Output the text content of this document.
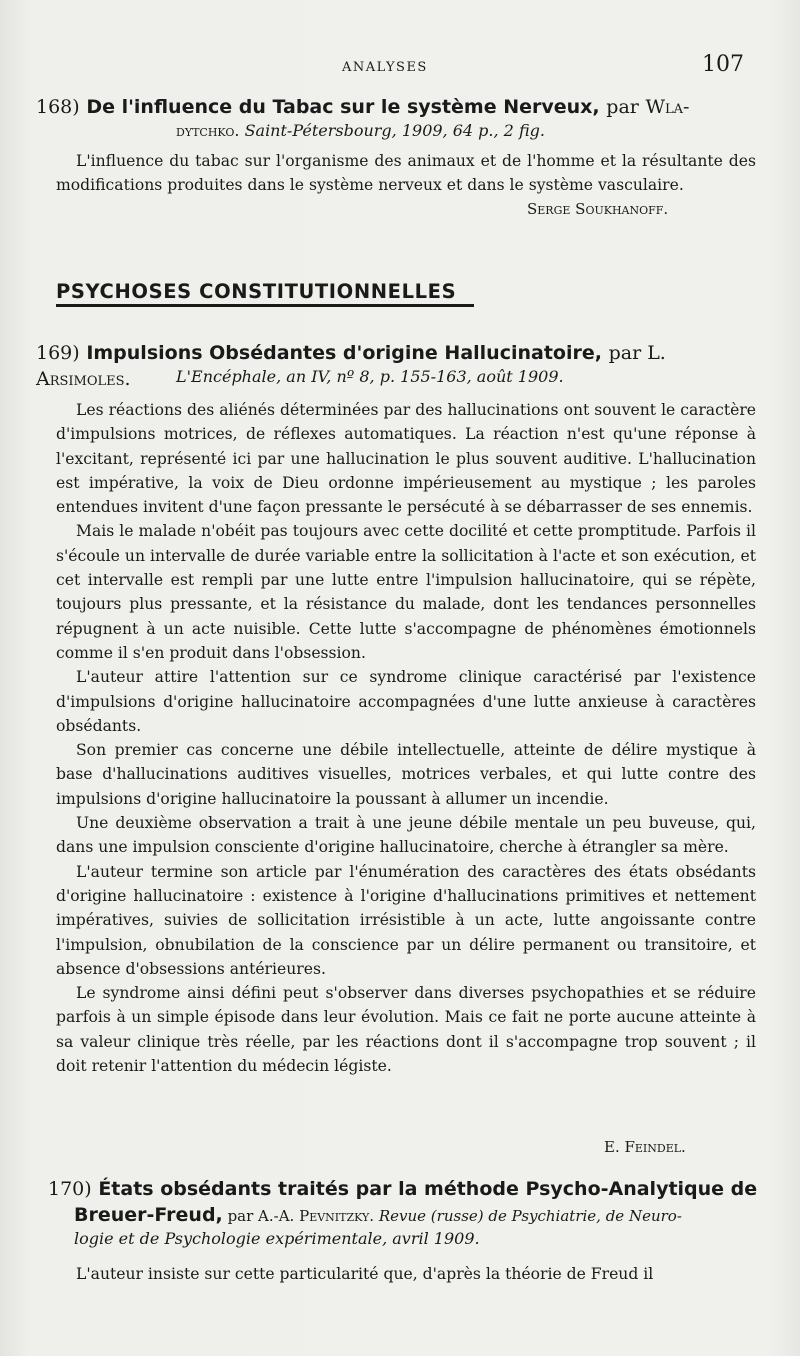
ANALYSES	107
168) De l'influence du Tabac sur le système Nerveux, par Wla-
dytchko. Saint-Pétersbourg, 1909, 64 p., 2 fig.

L'influence du tabac sur l'organisme des animaux et de l'homme et la résultante des modifications produites dans le système nerveux et dans le système vasculaire.

Serge Soukhanoff.
PSYCHOSES CONSTITUTIONNELLES
169) Impulsions Obsédantes d'origine Hallucinatoire, par L. Arsimoles.	L'Encéphale, an IV, nº 8, p. 155-163, août 1909.

Les réactions des aliénés déterminées par des hallucinations ont souvent le caractère d'impulsions motrices, de réflexes automatiques. La réaction n'est qu'une réponse à l'excitant, représenté ici par une hallucination le plus souvent auditive. L'hallucination est impérative, la voix de Dieu ordonne impérieusement au mystique ; les paroles entendues invitent d'une façon pressante le persécuté à se débarrasser de ses ennemis.

Mais le malade n'obéit pas toujours avec cette docilité et cette promptitude. Parfois il s'écoule un intervalle de durée variable entre la sollicitation à l'acte et son exécution, et cet intervalle est rempli par une lutte entre l'impulsion hallucinatoire, qui se répète, toujours plus pressante, et la résistance du malade, dont les tendances personnelles répugnent à un acte nuisible. Cette lutte s'accompagne de phénomènes émotionnels comme il s'en produit dans l'obsession.

L'auteur attire l'attention sur ce syndrome clinique caractérisé par l'existence d'impulsions d'origine hallucinatoire accompagnées d'une lutte anxieuse à caractères obsédants.

Son premier cas concerne une débile intellectuelle, atteinte de délire mystique à base d'hallucinations auditives visuelles, motrices verbales, et qui lutte contre des impulsions d'origine hallucinatoire la poussant à allumer un incendie.

Une deuxième observation a trait à une jeune débile mentale un peu buveuse, qui, dans une impulsion consciente d'origine hallucinatoire, cherche à étrangler sa mère.

L'auteur termine son article par l'énumération des caractères des états obsédants d'origine hallucinatoire : existence à l'origine d'hallucinations primitives et nettement impératives, suivies de sollicitation irrésistible à un acte, lutte angoissante contre l'impulsion, obnubilation de la conscience par un délire permanent ou transitoire, et absence d'obsessions antérieures.

Le syndrome ainsi défini peut s'observer dans diverses psychopathies et se réduire parfois à un simple épisode dans leur évolution. Mais ce fait ne porte aucune atteinte à sa valeur clinique très réelle, par les réactions dont il s'accompagne trop souvent ; il doit retenir l'attention du médecin légiste.

E. Feindel.
170) États obsédants traités par la méthode Psycho-Analytique de
Breuer-Freud, par A.-A. Pevnitzky. Revue (russe) de Psychiatrie, de Neuro-
logie et de Psychologie expérimentale, avril 1909.

L'auteur insiste sur cette particularité que, d'après la théorie de Freud il
